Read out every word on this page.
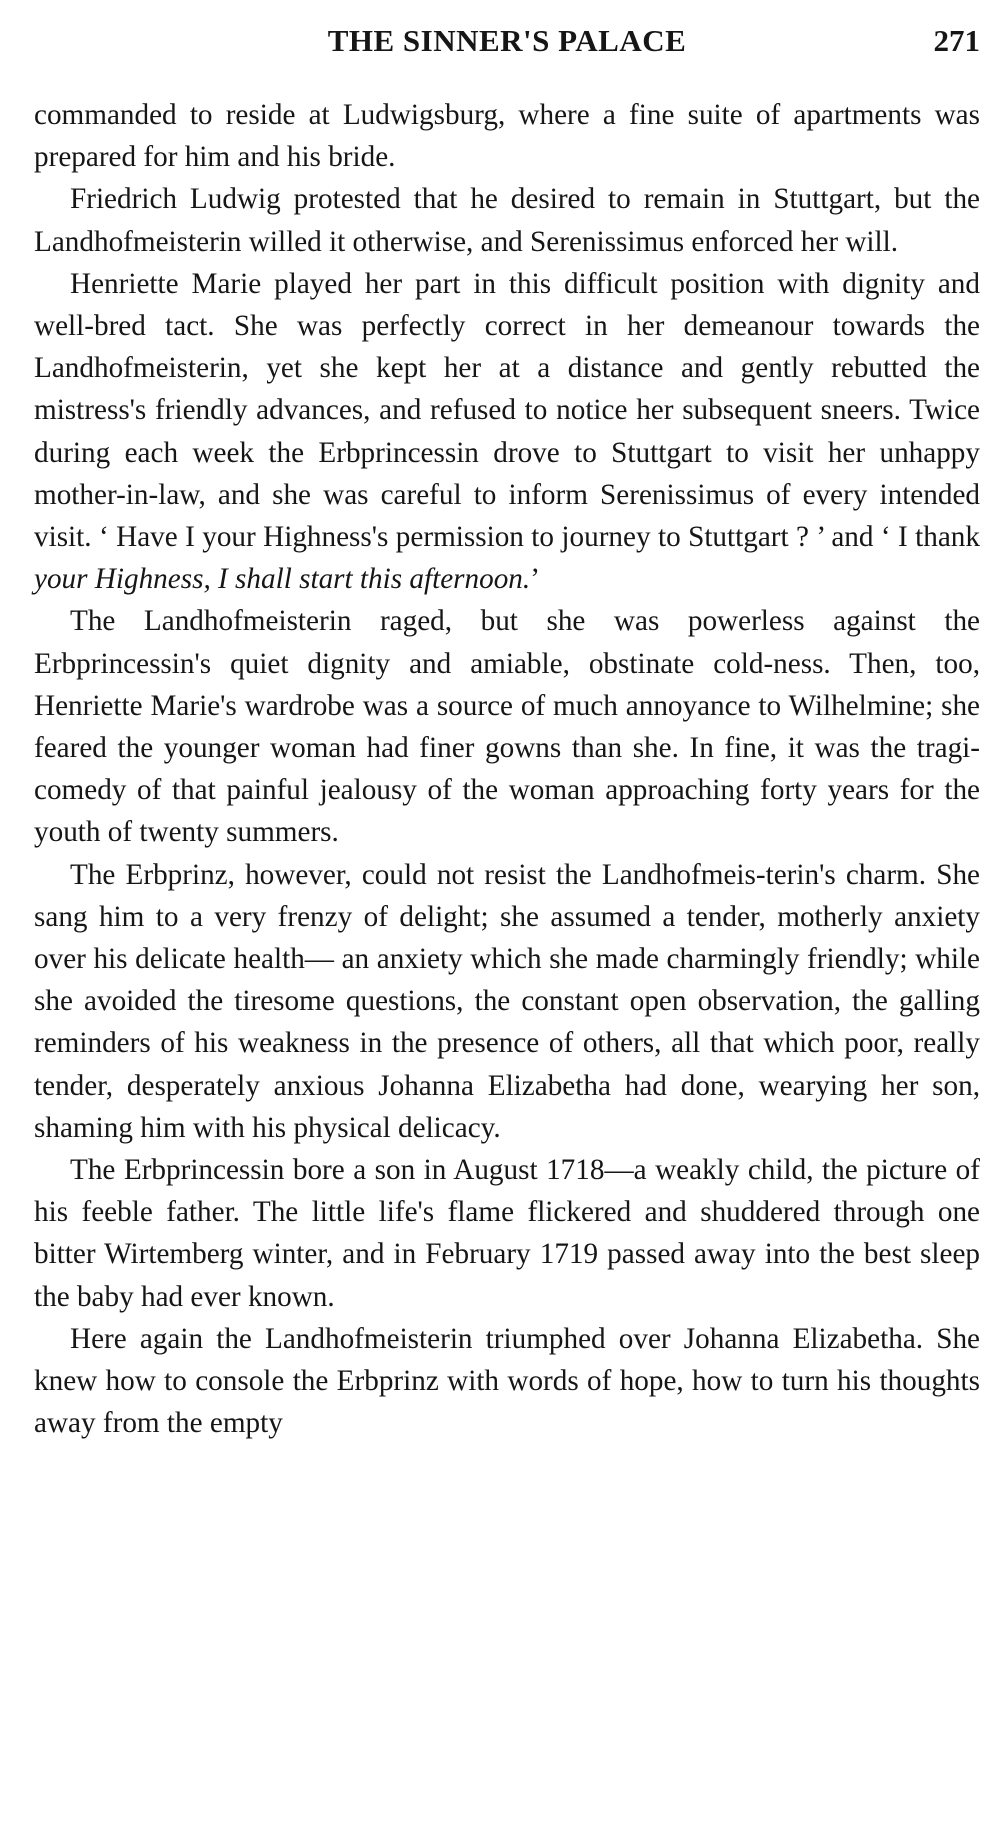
THE SINNER'S PALACE	271

commanded to reside at Ludwigsburg, where a fine suite of apartments was prepared for him and his bride.

Friedrich Ludwig protested that he desired to remain in Stuttgart, but the Landhofmeisterin willed it otherwise, and Serenissimus enforced her will.

Henriette Marie played her part in this difficult position with dignity and well-bred tact. She was perfectly correct in her demeanour towards the Landhofmeisterin, yet she kept her at a distance and gently rebutted the mistress's friendly advances, and refused to notice her subsequent sneers. Twice during each week the Erbprincessin drove to Stuttgart to visit her unhappy mother-in-law, and she was careful to inform Serenissimus of every intended visit. ‘ Have I your Highness's permission to journey to Stuttgart ? ’ and ‘ I thank your Highness, I shall start this afternoon.’

The Landhofmeisterin raged, but she was powerless against the Erbprincessin's quiet dignity and amiable, obstinate cold-ness. Then, too, Henriette Marie's wardrobe was a source of much annoyance to Wilhelmine; she feared the younger woman had finer gowns than she. In fine, it was the tragi-comedy of that painful jealousy of the woman approaching forty years for the youth of twenty summers.

The Erbprinz, however, could not resist the Landhofmeis-terin's charm. She sang him to a very frenzy of delight; she assumed a tender, motherly anxiety over his delicate health— an anxiety which she made charmingly friendly; while she avoided the tiresome questions, the constant open observation, the galling reminders of his weakness in the presence of others, all that which poor, really tender, desperately anxious Johanna Elizabetha had done, wearying her son, shaming him with his physical delicacy.

The Erbprincessin bore a son in August 1718—a weakly child, the picture of his feeble father. The little life's flame flickered and shuddered through one bitter Wirtemberg winter, and in February 1719 passed away into the best sleep the baby had ever known.

Here again the Landhofmeisterin triumphed over Johanna Elizabetha. She knew how to console the Erbprinz with words of hope, how to turn his thoughts away from the empty
